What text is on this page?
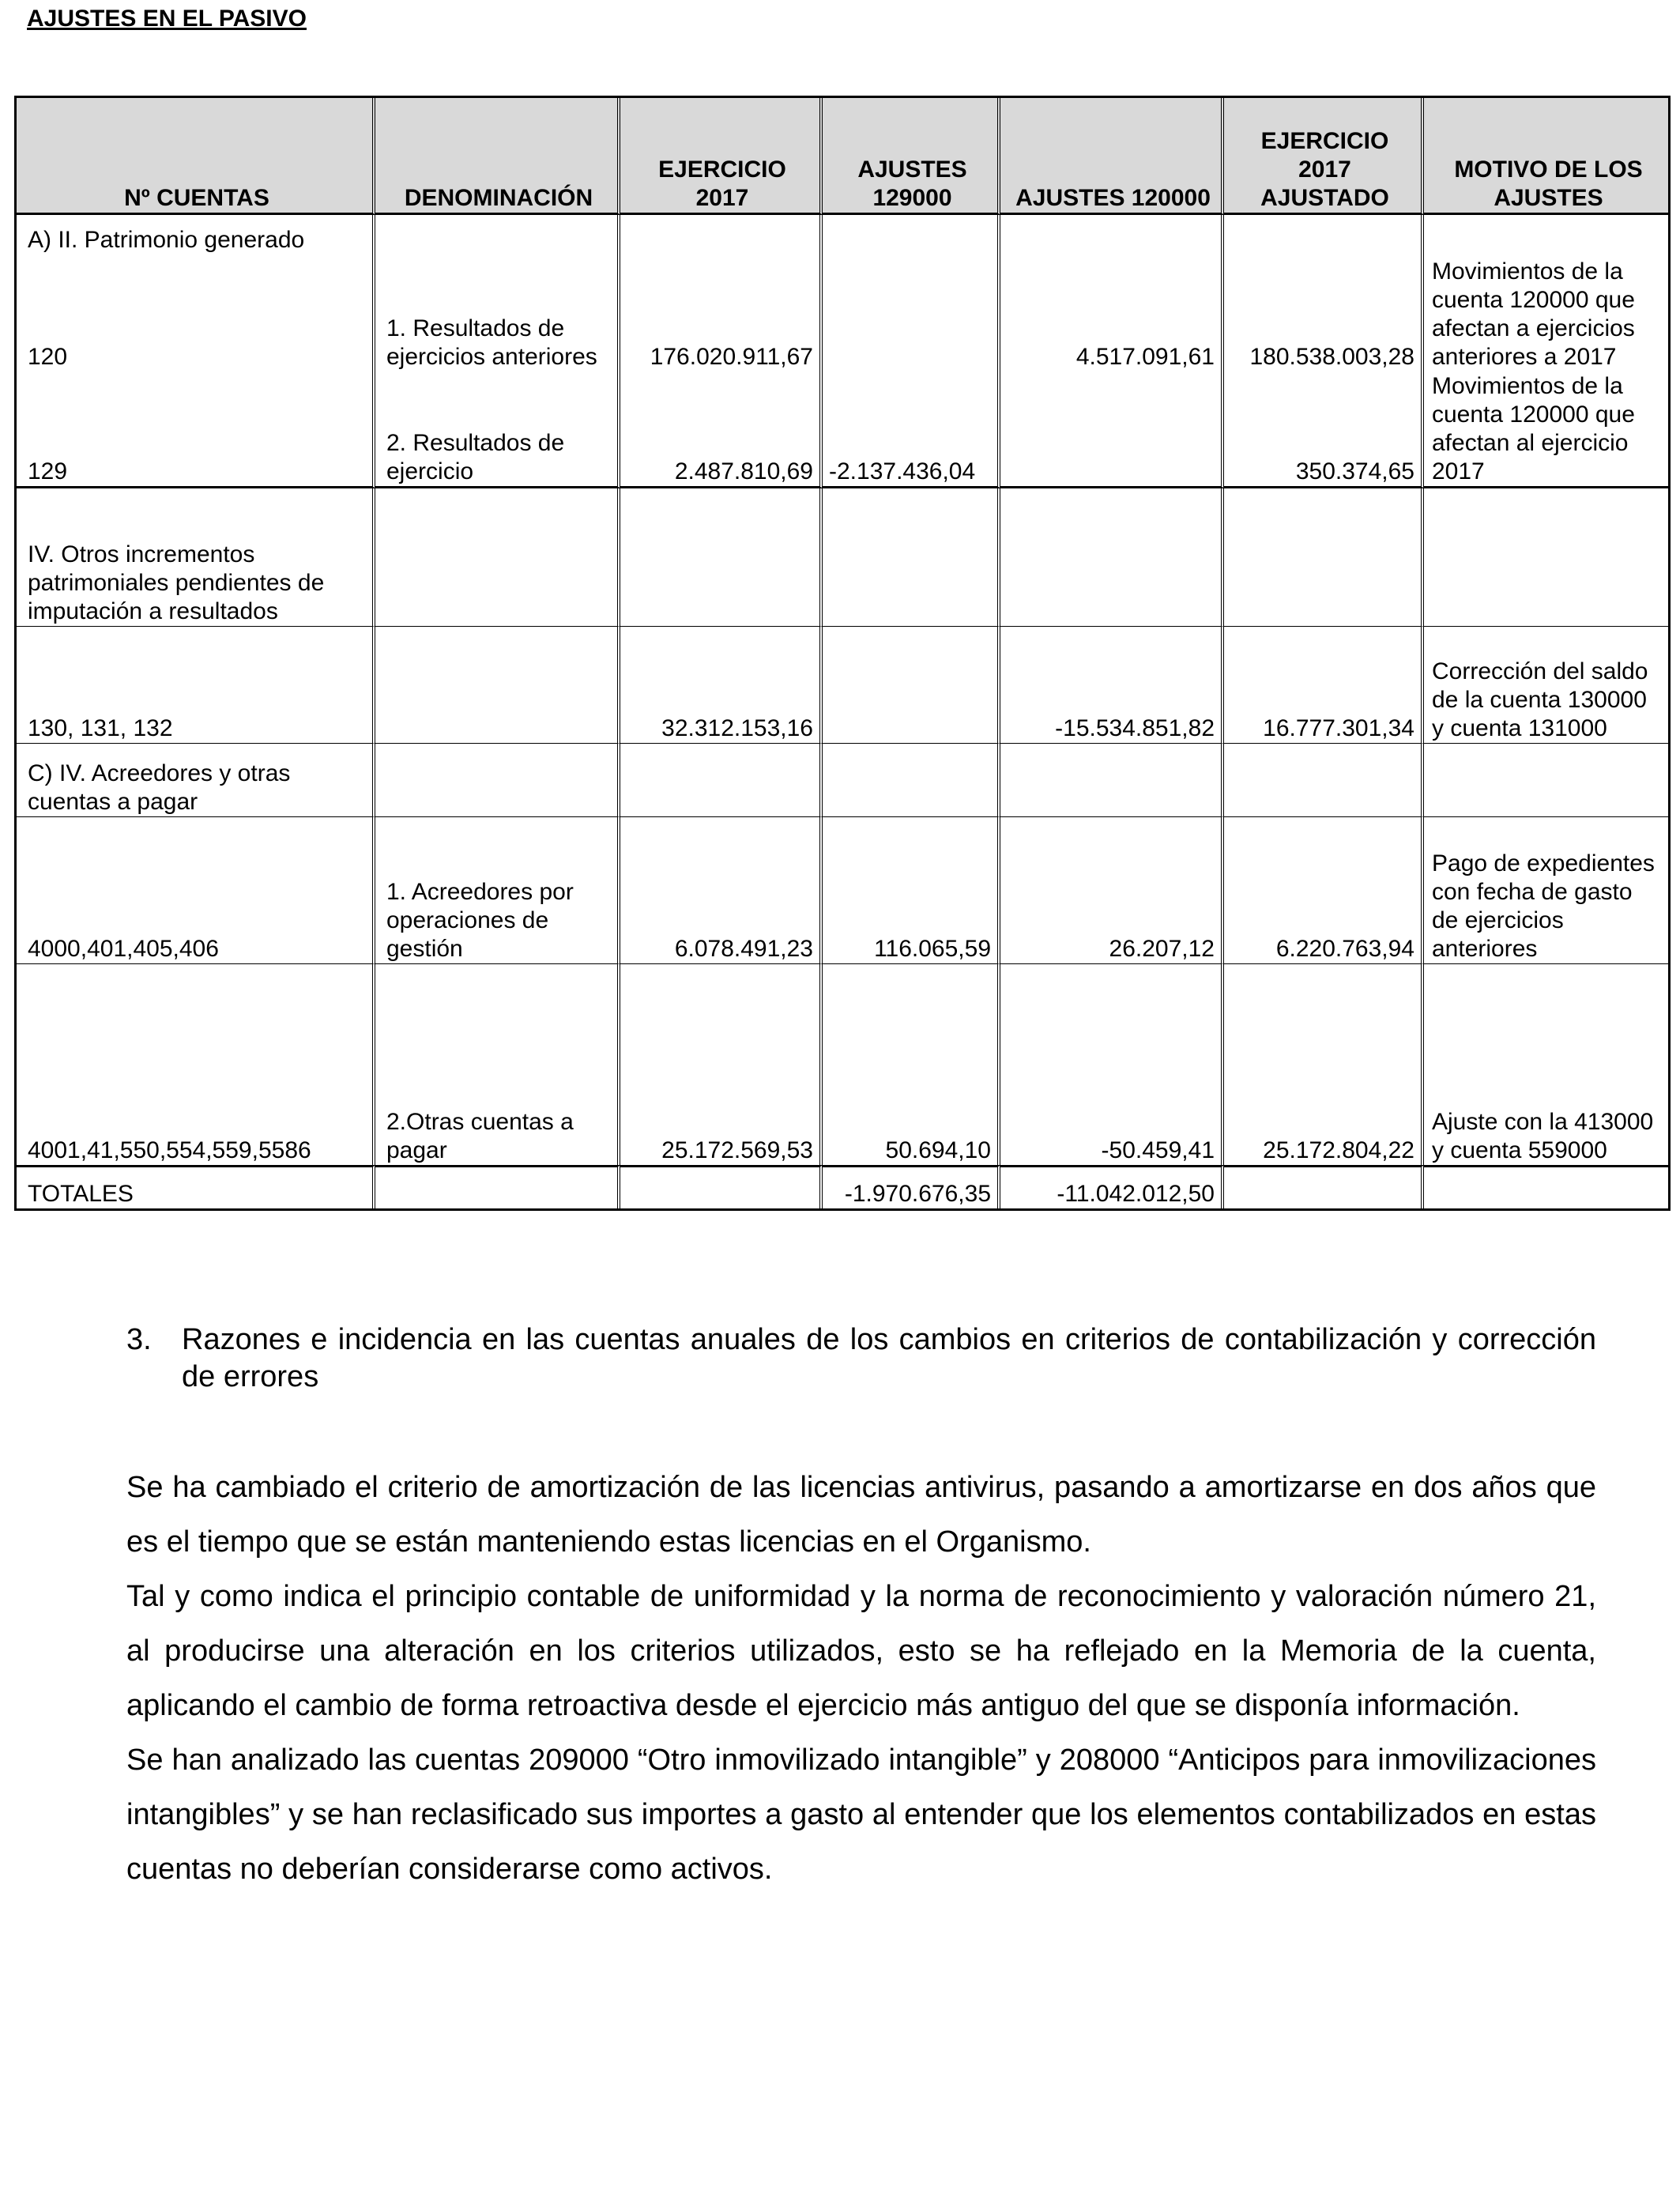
AJUSTES EN EL PASIVO
Nº CUENTAS	DENOMINACIÓN	EJERCICIO 2017	AJUSTES 129000	AJUSTES 120000	EJERCICIO 2017 AJUSTADO	MOTIVO DE LOS AJUSTES
A) II. Patrimonio generado						
120	1. Resultados de ejercicios anteriores	176.020.911,67		4.517.091,61	180.538.003,28	Movimientos de la cuenta 120000 que afectan a ejercicios anteriores a 2017
129	2. Resultados de ejercicio	2.487.810,69	-2.137.436,04		350.374,65	Movimientos de la cuenta 120000 que afectan al ejercicio 2017
IV. Otros incrementos patrimoniales pendientes de imputación a resultados						
130, 131, 132		32.312.153,16		-15.534.851,82	16.777.301,34	Corrección del saldo de la cuenta 130000 y cuenta 131000
C) IV. Acreedores y otras cuentas a pagar						
4000,401,405,406	1. Acreedores por operaciones de gestión	6.078.491,23	116.065,59	26.207,12	6.220.763,94	Pago de expedientes con fecha de gasto de ejercicios anteriores
4001,41,550,554,559,5586	2.Otras cuentas a pagar	25.172.569,53	50.694,10	-50.459,41	25.172.804,22	Ajuste con la 413000 y cuenta 559000
TOTALES			-1.970.676,35	-11.042.012,50		
3. Razones e incidencia en las cuentas anuales de los cambios en criterios de contabilización y corrección de errores

Se ha cambiado el criterio de amortización de las licencias antivirus, pasando a amortizarse en dos años que es el tiempo que se están manteniendo estas licencias en el Organismo.

Tal y como indica el principio contable de uniformidad y la norma de reconocimiento y valoración número 21, al producirse una alteración en los criterios utilizados, esto se ha reflejado en la Memoria de la cuenta, aplicando el cambio de forma retroactiva desde el ejercicio más antiguo del que se disponía información.

Se han analizado las cuentas 209000 “Otro inmovilizado intangible” y 208000 “Anticipos para inmovilizaciones intangibles” y se han reclasificado sus importes a gasto al entender que los elementos contabilizados en estas cuentas no deberían considerarse como activos.
